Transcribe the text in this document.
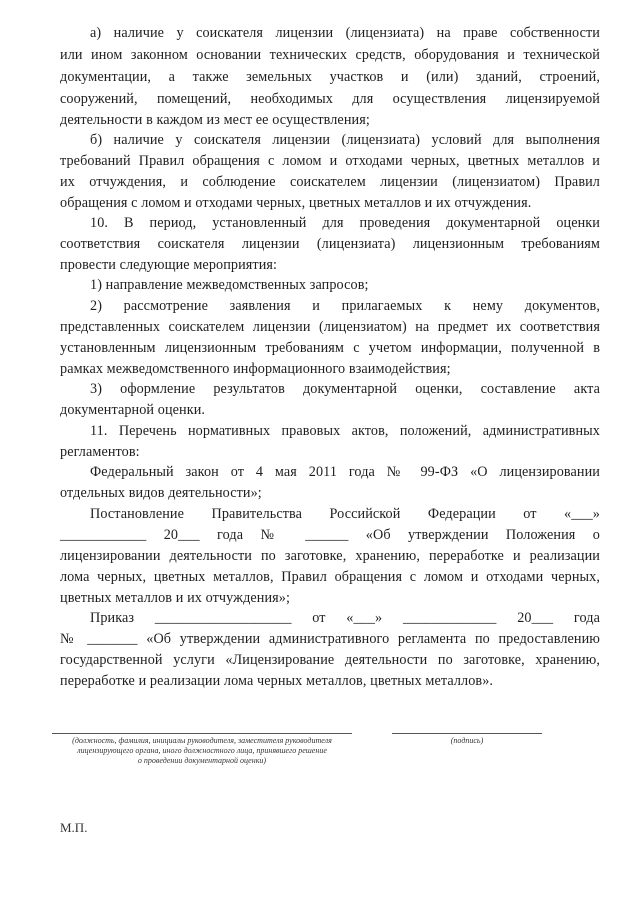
а) наличие у соискателя лицензии (лицензиата) на праве собственности
или ином законном основании технических средств, оборудования и технической
документации, а также земельных участков и (или) зданий, строений,
сооружений, помещений, необходимых для осуществления лицензируемой
деятельности в каждом из мест ее осуществления;
б) наличие у соискателя лицензии (лицензиата) условий для выполнения
требований Правил обращения с ломом и отходами черных, цветных металлов и
их отчуждения, и соблюдение соискателем лицензии (лицензиатом) Правил
обращения с ломом и отходами черных, цветных металлов и их отчуждения.
10. В период, установленный для проведения документарной оценки
соответствия соискателя лицензии (лицензиата) лицензионным требованиям
провести следующие мероприятия:
1) направление межведомственных запросов;
2) рассмотрение заявления и прилагаемых к нему документов,
представленных соискателем лицензии (лицензиатом) на предмет их соответствия
установленным лицензионным требованиям с учетом информации, полученной в
рамках межведомственного информационного взаимодействия;
3) оформление результатов документарной оценки, составление акта
документарной оценки.
11. Перечень нормативных правовых актов, положений, административных
регламентов:
Федеральный закон от 4 мая 2011 года № 99-ФЗ «О лицензировании
отдельных видов деятельности»;
Постановление Правительства Российской Федерации от «___»
____________ 20___ года № ______ «Об утверждении Положения о
лицензировании деятельности по заготовке, хранению, переработке и реализации
лома черных, цветных металлов, Правил обращения с ломом и отходами черных,
цветных металлов и их отчуждения»;
Приказ ___________________ от «___» _____________ 20___ года
№ _______ «Об утверждении административного регламента по предоставлению
государственной услуги «Лицензирование деятельности по заготовке, хранению,
переработке и реализации лома черных металлов, цветных металлов».
(должность, фамилия, инициалы руководителя, заместителя руководителя
лицензирующего органа, иного должностного лица, принявшего решение
о проведении документарной оценки)
(подпись)
М.П.
